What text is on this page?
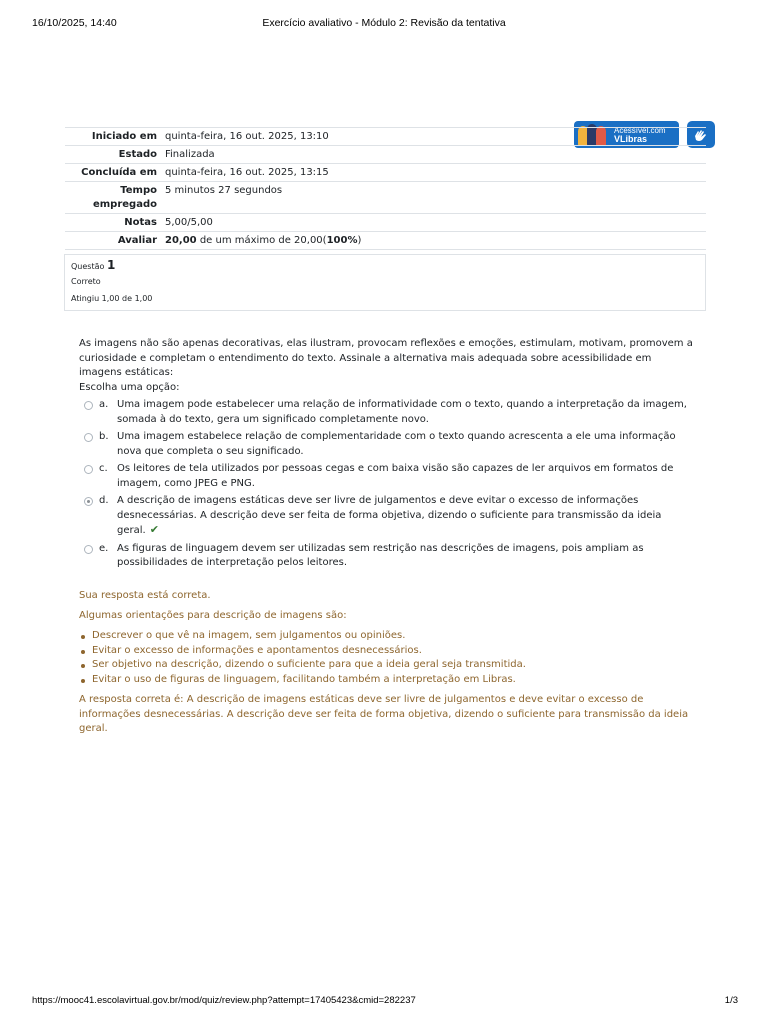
16/10/2025, 14:40	Exercício avaliativo - Módulo 2: Revisão da tentativa
Acessível.com
VLibras
Iniciado em quinta-feira, 16 out. 2025, 13:10
Estado Finalizada
Concluída em quinta-feira, 16 out. 2025, 13:15
Tempo
empregado
5 minutos 27 segundos
Notas 5,00/5,00
Avaliar 20,00 de um máximo de 20,00(100%)
Questão 1
Correto
Atingiu 1,00 de 1,00
As imagens não são apenas decorativas, elas ilustram, provocam reflexões e emoções, estimulam, motivam, promovem a curiosidade e completam o entendimento do texto. Assinale a alternativa mais adequada sobre acessibilidade em imagens estáticas:
Escolha uma opção:
a. Uma imagem pode estabelecer uma relação de informatividade com o texto, quando a interpretação da imagem, somada à do texto, gera um significado completamente novo.
b. Uma imagem estabelece relação de complementaridade com o texto quando acrescenta a ele uma informação nova que completa o seu significado.
c. Os leitores de tela utilizados por pessoas cegas e com baixa visão são capazes de ler arquivos em formatos de imagem, como JPEG e PNG.
d. A descrição de imagens estáticas deve ser livre de julgamentos e deve evitar o excesso de informações desnecessárias. A descrição deve ser feita de forma objetiva, dizendo o suficiente para transmissão da ideia geral. ✔
e. As figuras de linguagem devem ser utilizadas sem restrição nas descrições de imagens, pois ampliam as possibilidades de interpretação pelos leitores.

Sua resposta está correta.

Algumas orientações para descrição de imagens são:

Descrever o que vê na imagem, sem julgamentos ou opiniões.
Evitar o excesso de informações e apontamentos desnecessários.
Ser objetivo na descrição, dizendo o suficiente para que a ideia geral seja transmitida.
Evitar o uso de figuras de linguagem, facilitando também a interpretação em Libras.

A resposta correta é: A descrição de imagens estáticas deve ser livre de julgamentos e deve evitar o excesso de informações desnecessárias. A descrição deve ser feita de forma objetiva, dizendo o suficiente para transmissão da ideia geral.

https://mooc41.escolavirtual.gov.br/mod/quiz/review.php?attempt=17405423&cmid=282237	1/3
